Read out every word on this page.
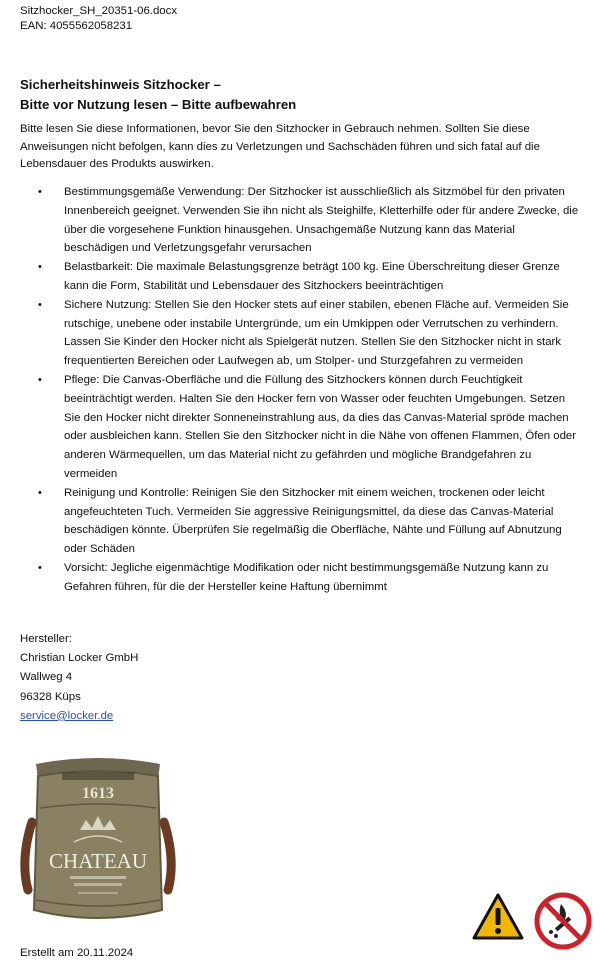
Sitzhocker_SH_20351-06.docx
EAN: 4055562058231
Sicherheitshinweis Sitzhocker –
Bitte vor Nutzung lesen – Bitte aufbewahren

Bitte lesen Sie diese Informationen, bevor Sie den Sitzhocker in Gebrauch nehmen. Sollten Sie diese Anweisungen nicht befolgen, kann dies zu Verletzungen und Sachschäden führen und sich fatal auf die Lebensdauer des Produkts auswirken.

• Bestimmungsgemäße Verwendung: Der Sitzhocker ist ausschließlich als Sitzmöbel für den privaten Innenbereich geeignet. Verwenden Sie ihn nicht als Steighilfe, Kletterhilfe oder für andere Zwecke, die über die vorgesehene Funktion hinausgehen. Unsachgemäße Nutzung kann das Material beschädigen und Verletzungsgefahr verursachen
• Belastbarkeit: Die maximale Belastungsgrenze beträgt 100 kg. Eine Überschreitung dieser Grenze kann die Form, Stabilität und Lebensdauer des Sitzhockers beeinträchtigen
• Sichere Nutzung: Stellen Sie den Hocker stets auf einer stabilen, ebenen Fläche auf. Vermeiden Sie rutschige, unebene oder instabile Untergründe, um ein Umkippen oder Verrutschen zu verhindern. Lassen Sie Kinder den Hocker nicht als Spielgerät nutzen. Stellen Sie den Sitzhocker nicht in stark frequentierten Bereichen oder Laufwegen ab, um Stolper- und Sturzgefahren zu vermeiden
• Pflege: Die Canvas-Oberfläche und die Füllung des Sitzhockers können durch Feuchtigkeit beeinträchtigt werden. Halten Sie den Hocker fern von Wasser oder feuchten Umgebungen. Setzen Sie den Hocker nicht direkter Sonneneinstrahlung aus, da dies das Canvas-Material spröde machen oder ausbleichen kann. Stellen Sie den Sitzhocker nicht in die Nähe von offenen Flammen, Öfen oder anderen Wärmequellen, um das Material nicht zu gefährden und mögliche Brandgefahren zu vermeiden
• Reinigung und Kontrolle: Reinigen Sie den Sitzhocker mit einem weichen, trockenen oder leicht angefeuchteten Tuch. Vermeiden Sie aggressive Reinigungsmittel, da diese das Canvas-Material beschädigen könnte. Überprüfen Sie regelmäßig die Oberfläche, Nähte und Füllung auf Abnutzung oder Schäden
• Vorsicht: Jegliche eigenmächtige Modifikation oder nicht bestimmungsgemäße Nutzung kann zu Gefahren führen, für die der Hersteller keine Haftung übernimmt
Hersteller:
Christian Locker GmbH
Wallweg 4
96328 Küps
service@locker.de
1613
CHATEAU
Erstellt am 20.11.2024
